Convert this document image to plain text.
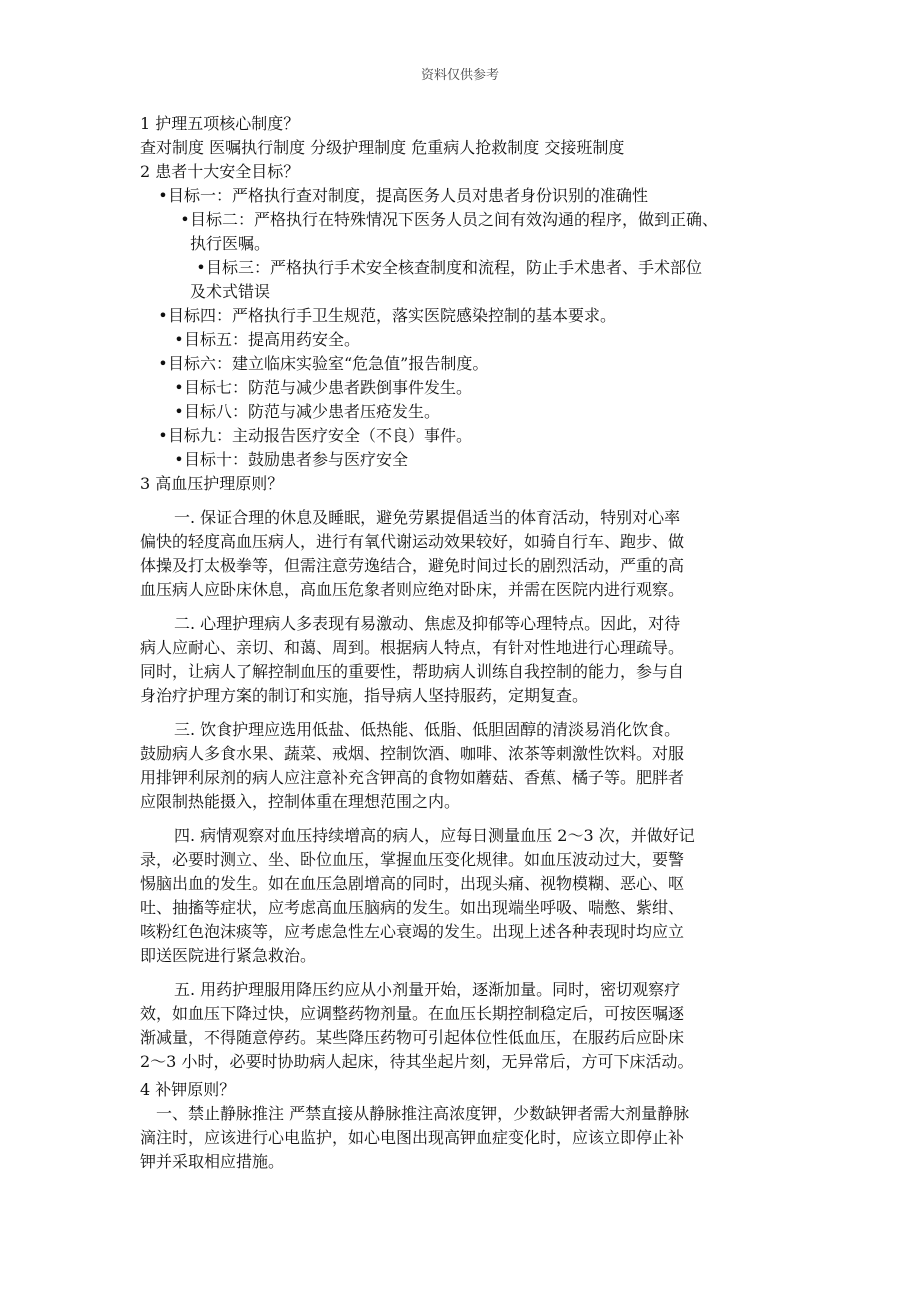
资料仅供参考
1 护理五项核心制度？
查对制度 医嘱执行制度 分级护理制度 危重病人抢救制度 交接班制度
2 患者十大安全目标？
•目标一：严格执行查对制度，提高医务人员对患者身份识别的准确性
•目标二：严格执行在特殊情况下医务人员之间有效沟通的程序，做到正确、
执行医嘱。
•目标三：严格执行手术安全核查制度和流程，防止手术患者、手术部位
及术式错误
•目标四：严格执行手卫生规范，落实医院感染控制的基本要求。
•目标五：提高用药安全。
•目标六：建立临床实验室“危急值”报告制度。
•目标七：防范与减少患者跌倒事件发生。
•目标八：防范与减少患者压疮发生。
•目标九：主动报告医疗安全（不良）事件。
•目标十：鼓励患者参与医疗安全
3 高血压护理原则？
一. 保证合理的休息及睡眠，避免劳累提倡适当的体育活动，特别对心率
偏快的轻度高血压病人，进行有氧代谢运动效果较好，如骑自行车、跑步、做
体操及打太极拳等，但需注意劳逸结合，避免时间过长的剧烈活动，严重的高
血压病人应卧床休息，高血压危象者则应绝对卧床，并需在医院内进行观察。
二. 心理护理病人多表现有易激动、焦虑及抑郁等心理特点。因此，对待
病人应耐心、亲切、和蔼、周到。根据病人特点，有针对性地进行心理疏导。
同时，让病人了解控制血压的重要性，帮助病人训练自我控制的能力，参与自
身治疗护理方案的制订和实施，指导病人坚持服药，定期复查。
三. 饮食护理应选用低盐、低热能、低脂、低胆固醇的清淡易消化饮食。
鼓励病人多食水果、蔬菜、戒烟、控制饮酒、咖啡、浓茶等刺激性饮料。对服
用排钾利尿剂的病人应注意补充含钾高的食物如蘑菇、香蕉、橘子等。肥胖者
应限制热能摄入，控制体重在理想范围之内。
四. 病情观察对血压持续增高的病人，应每日测量血压 2～3 次，并做好记
录，必要时测立、坐、卧位血压，掌握血压变化规律。如血压波动过大，要警
惕脑出血的发生。如在血压急剧增高的同时，出现头痛、视物模糊、恶心、呕
吐、抽搐等症状，应考虑高血压脑病的发生。如出现端坐呼吸、喘憋、紫绀、
咳粉红色泡沫痰等，应考虑急性左心衰竭的发生。出现上述各种表现时均应立
即送医院进行紧急救治。
五. 用药护理服用降压约应从小剂量开始，逐渐加量。同时，密切观察疗
效，如血压下降过快，应调整药物剂量。在血压长期控制稳定后，可按医嘱逐
渐减量，不得随意停药。某些降压药物可引起体位性低血压，在服药后应卧床
2～3 小时，必要时协助病人起床，待其坐起片刻，无异常后，方可下床活动。
4 补钾原则？
一、禁止静脉推注 严禁直接从静脉推注高浓度钾，少数缺钾者需大剂量静脉
滴注时，应该进行心电监护，如心电图出现高钾血症变化时，应该立即停止补
钾并采取相应措施。
